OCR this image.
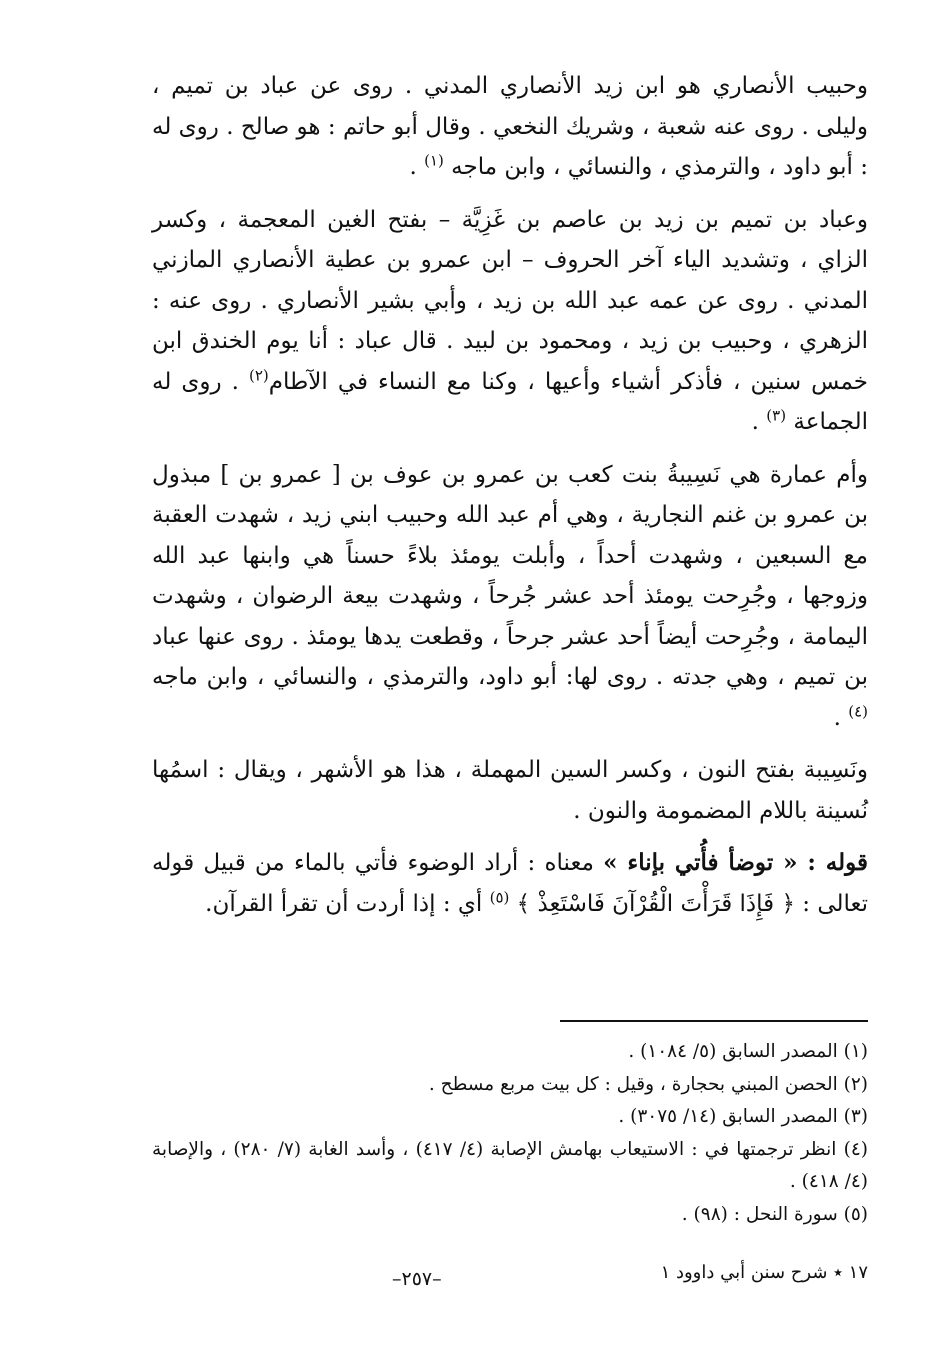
وحبيب الأنصاري هو ابن زيد الأنصاري المدني . روى عن عباد بن تميم ، وليلى . روى عنه شعبة ، وشريك النخعي . وقال أبو حاتم : هو صالح . روى له : أبو داود ، والترمذي ، والنسائي ، وابن ماجه $^{(١)}$ .

وعباد بن تميم بن زيد بن عاصم بن غَزِيَّة – بفتح الغين المعجمة ، وكسر الزاي ، وتشديد الياء آخر الحروف – ابن عمرو بن عطية الأنصاري المازني المدني . روى عن عمه عبد الله بن زيد ، وأبي بشير الأنصاري . روى عنه : الزهري ، وحبيب بن زيد ، ومحمود بن لبيد . قال عباد : أنا يوم الخندق ابن خمس سنين ، فأذكر أشياء وأعيها ، وكنا مع النساء في الآطام$^{(٢)}$ . روى له الجماعة $^{(٣)}$ .

وأم عمارة هي نَسِيبةُ بنت كعب بن عمرو بن عوف بن [ عمرو بن ] مبذول بن عمرو بن غنم النجارية ، وهي أم عبد الله وحبيب ابني زيد ، شهدت العقبة مع السبعين ، وشهدت أحداً ، وأبلت يومئذ بلاءً حسناً هي وابنها عبد الله وزوجها ، وجُرِحت يومئذ أحد عشر جُرحاً ، وشهدت بيعة الرضوان ، وشهدت اليمامة ، وجُرِحت أيضاً أحد عشر جرحاً ، وقطعت يدها يومئذ . روى عنها عباد بن تميم ، وهي جدته . روى لها: أبو داود، والترمذي ، والنسائي ، وابن ماجه $^{(٤)}$ .

ونَسِيبة بفتح النون ، وكسر السين المهملة ، هذا هو الأشهر ، ويقال : اسمُها نُسينة باللام المضمومة والنون .

قوله : « توضأ فأُتي بإناء » معناه : أراد الوضوء فأتي بالماء من قبيل قوله تعالى : ﴿ فَإِذَا قَرَأْتَ الْقُرْآنَ فَاسْتَعِذْ ﴾ $^{(٥)}$ أي : إذا أردت أن تقرأ القرآن.

(١) المصدر السابق (٥/ ١٠٨٤) .

(٢) الحصن المبني بحجارة ، وقيل : كل بيت مربع مسطح .

(٣) المصدر السابق (١٤/ ٣٠٧٥) .

(٤) انظر ترجمتها في : الاستيعاب بهامش الإصابة (٤/ ٤١٧) ، وأسد الغابة (٧/ ٢٨٠) ، والإصابة (٤/ ٤١٨) .

(٥) سورة النحل : (٩٨) .

١٧ ٭ شرح سنن أبي داوود ١
–٢٥٧–
